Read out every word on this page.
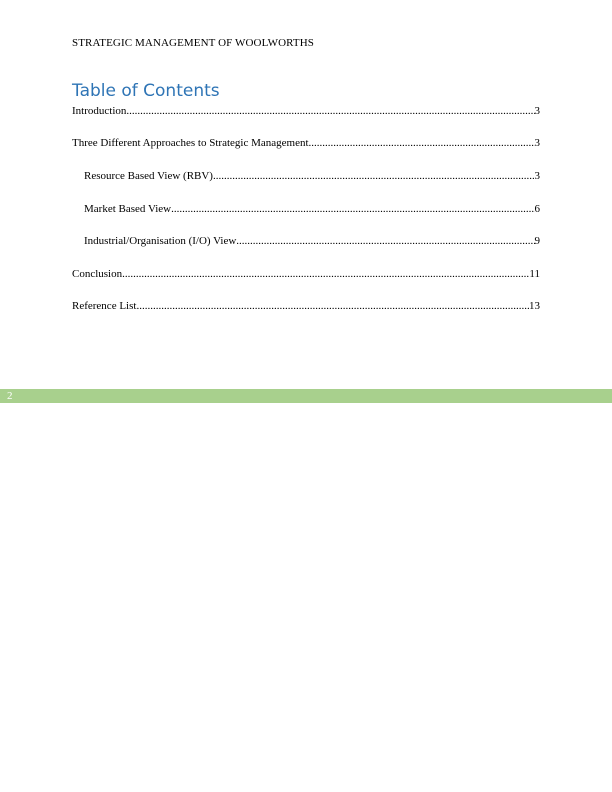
STRATEGIC MANAGEMENT OF WOOLWORTHS
Table of Contents
Introduction .....	3
Three Different Approaches to Strategic Management .....	3
Resource Based View (RBV) .....	3
Market Based View .....	6
Industrial/Organisation (I/O) View .....	9
Conclusion .....	11
Reference List .....	13
2
